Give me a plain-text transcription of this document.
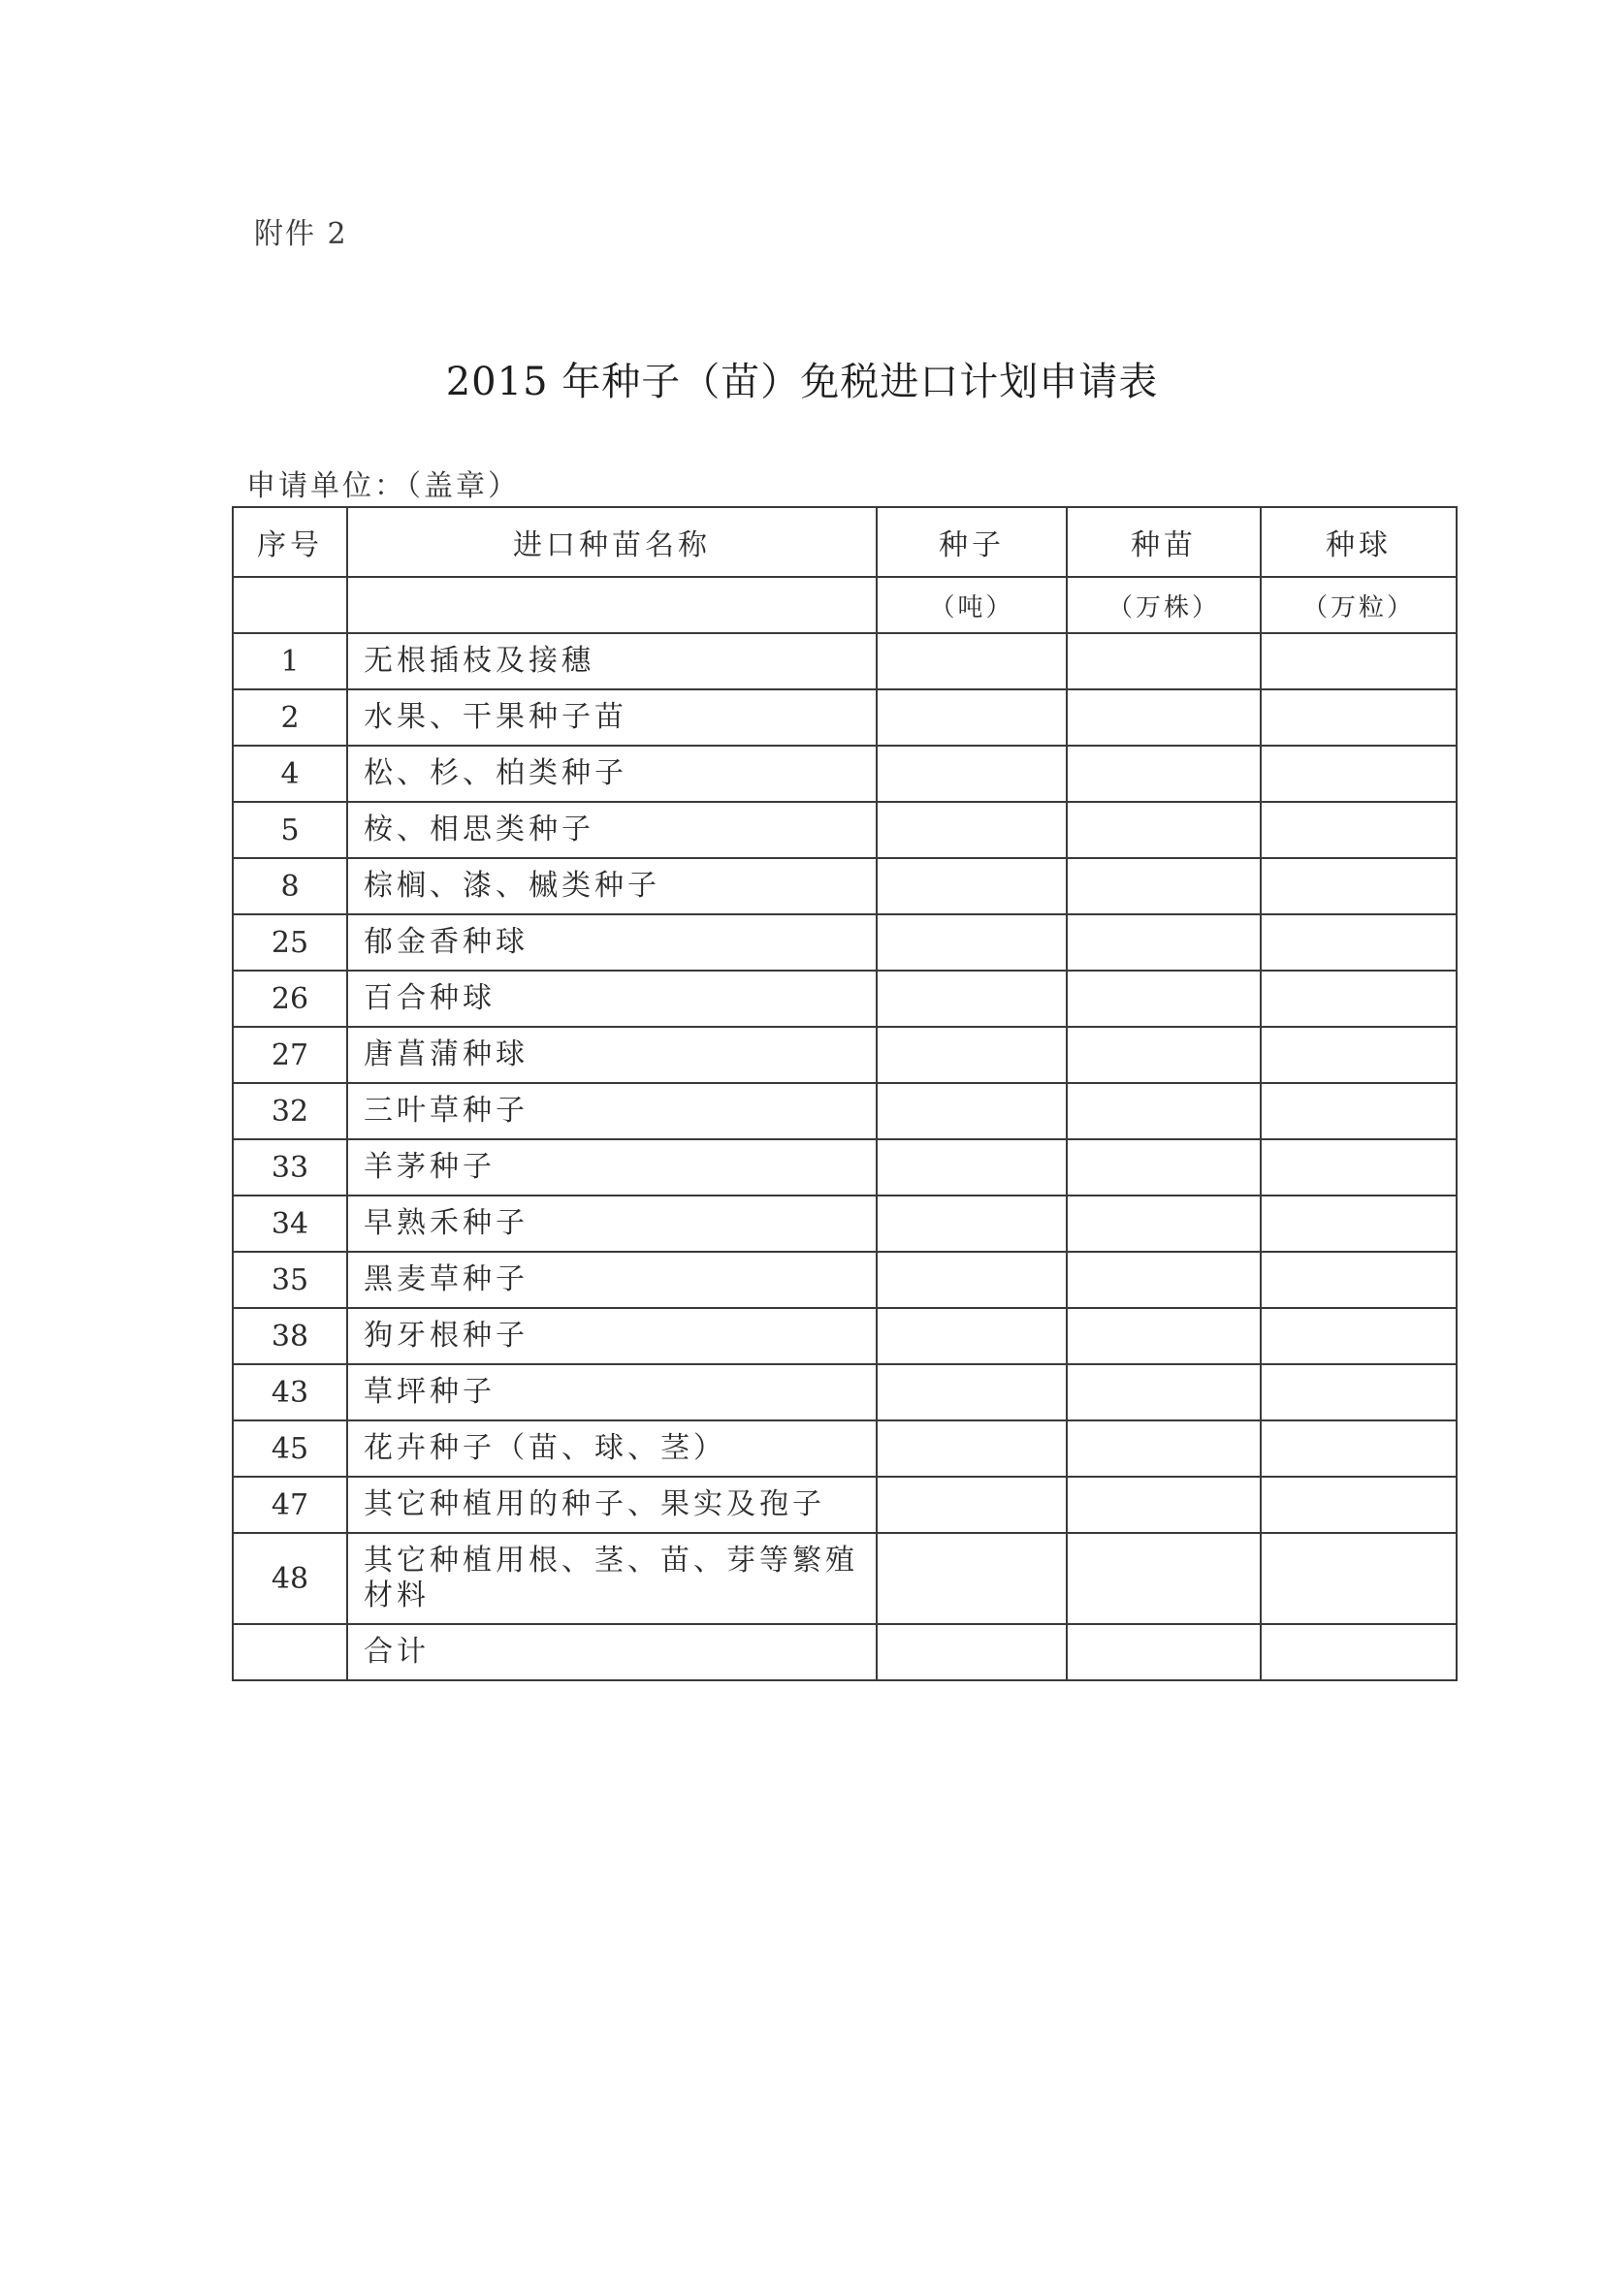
附件 2
2015 年种子（苗）免税进口计划申请表
申请单位：（盖章）
序号	进口种苗名称	种子	种苗	种球
		（吨）	（万株）	（万粒）
1	无根插枝及接穗			
2	水果、干果种子苗			
4	松、杉、柏类种子			
5	桉、相思类种子			
8	棕榈、漆、槭类种子			
25	郁金香种球			
26	百合种球			
27	唐菖蒲种球			
32	三叶草种子			
33	羊茅种子			
34	早熟禾种子			
35	黑麦草种子			
38	狗牙根种子			
43	草坪种子			
45	花卉种子（苗、球、茎）			
47	其它种植用的种子、果实及孢子			
48	其它种植用根、茎、苗、芽等繁殖材料			
	合计			
